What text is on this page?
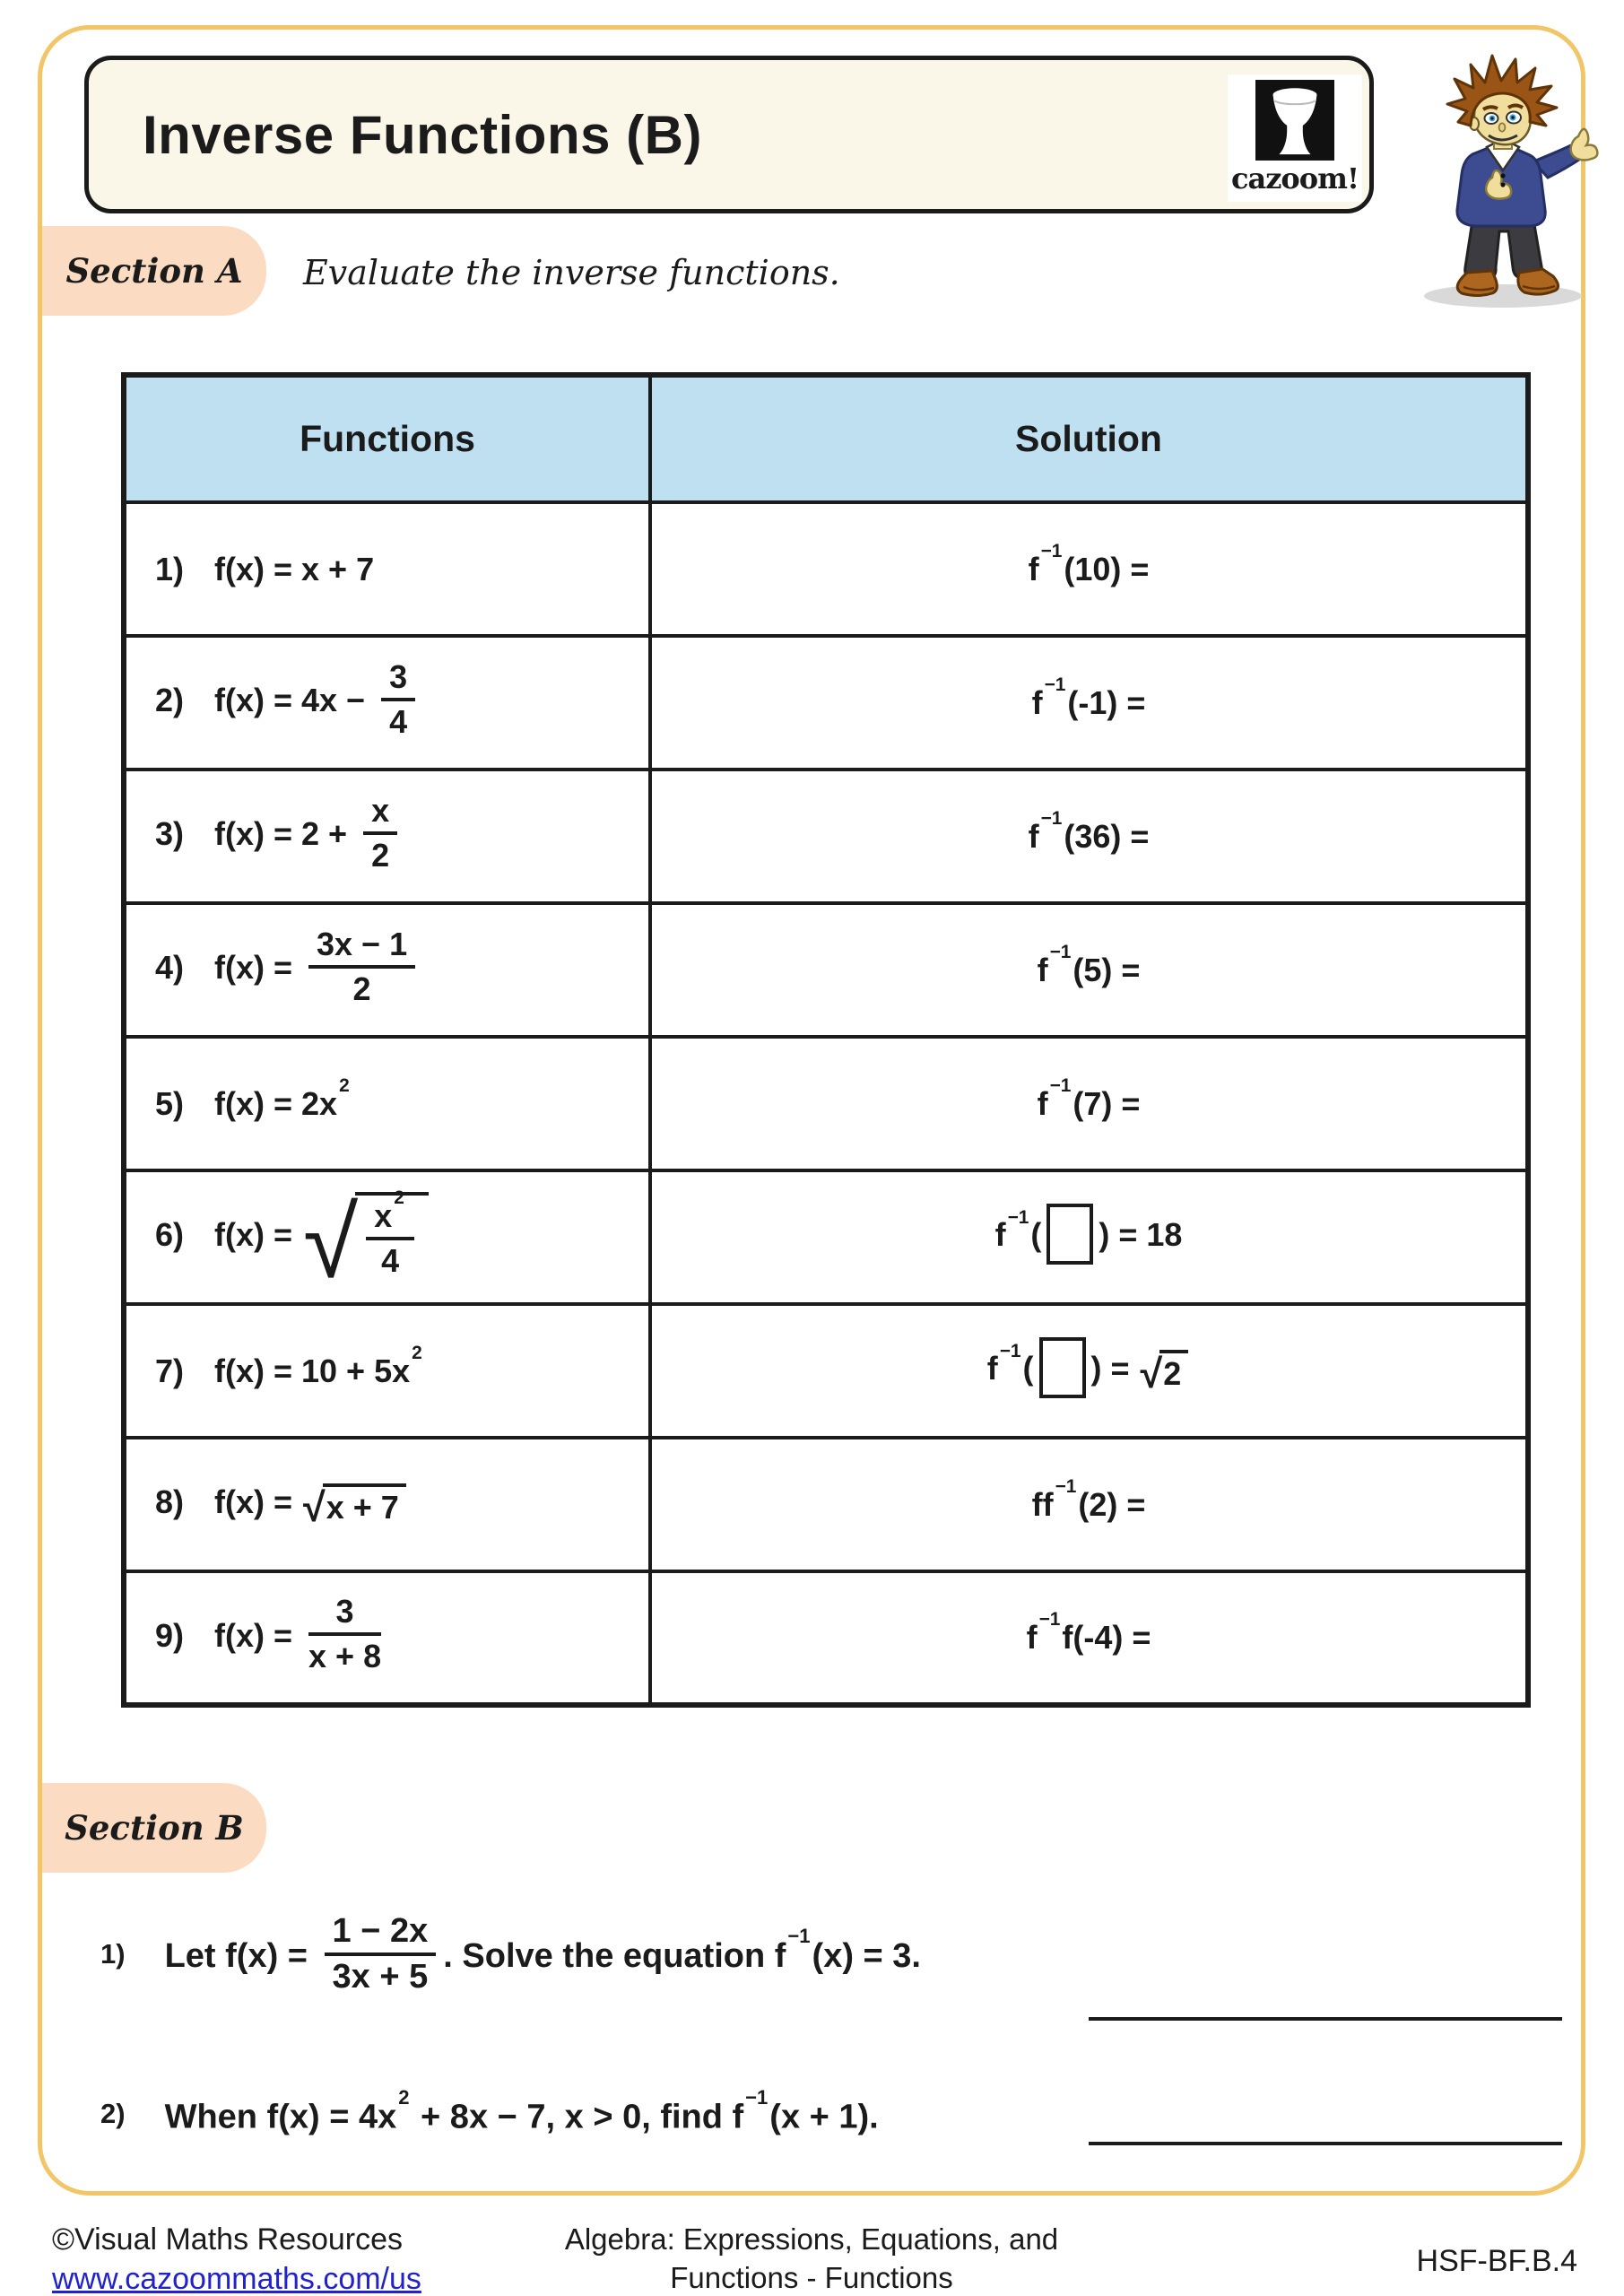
Inverse Functions (B)
cazoom!
Section A Evaluate the inverse functions.
Functions	Solution
1) f(x) = x + 7	$f^{-1}(10)$ =
2) $f(x) = 4x - \frac{3}{4}$	$f^{-1}(-1)$ =
3) $f(x) = 2 + \frac{x}{2}$	$f^{-1}(36)$ =
4) $f(x) = \frac{3x - 1}{2}$	$f^{-1}(5)$ =
5) $f(x) = 2x^2$	$f^{-1}(7)$ =
6) f(x) = √ $\frac{x^2}{4}$	$f^{-1}$( ) = 18
7) $f(x) = 10 + 5x^2$	$f^{-1}$( ) = √ 2

8) f(x) = √ x + 7	$ff^{-1}(2)$ =
9) $f(x) = \frac{3}{x + 8}$	$f^{-1}f(-4)$ =
Section B
1) Let $f(x) = \frac{1 - 2x}{3x + 5}$ . Solve the equation $f^{-1}(x) = 3$.
2) When $f(x) = 4x^2 + 8x - 7$, x > 0, find $f^{-1}(x + 1)$.
©Visual Maths Resources
www.cazoommaths.com/us
Algebra: Expressions, Equations, and
Functions - Functions	HSF-BF.B.4
